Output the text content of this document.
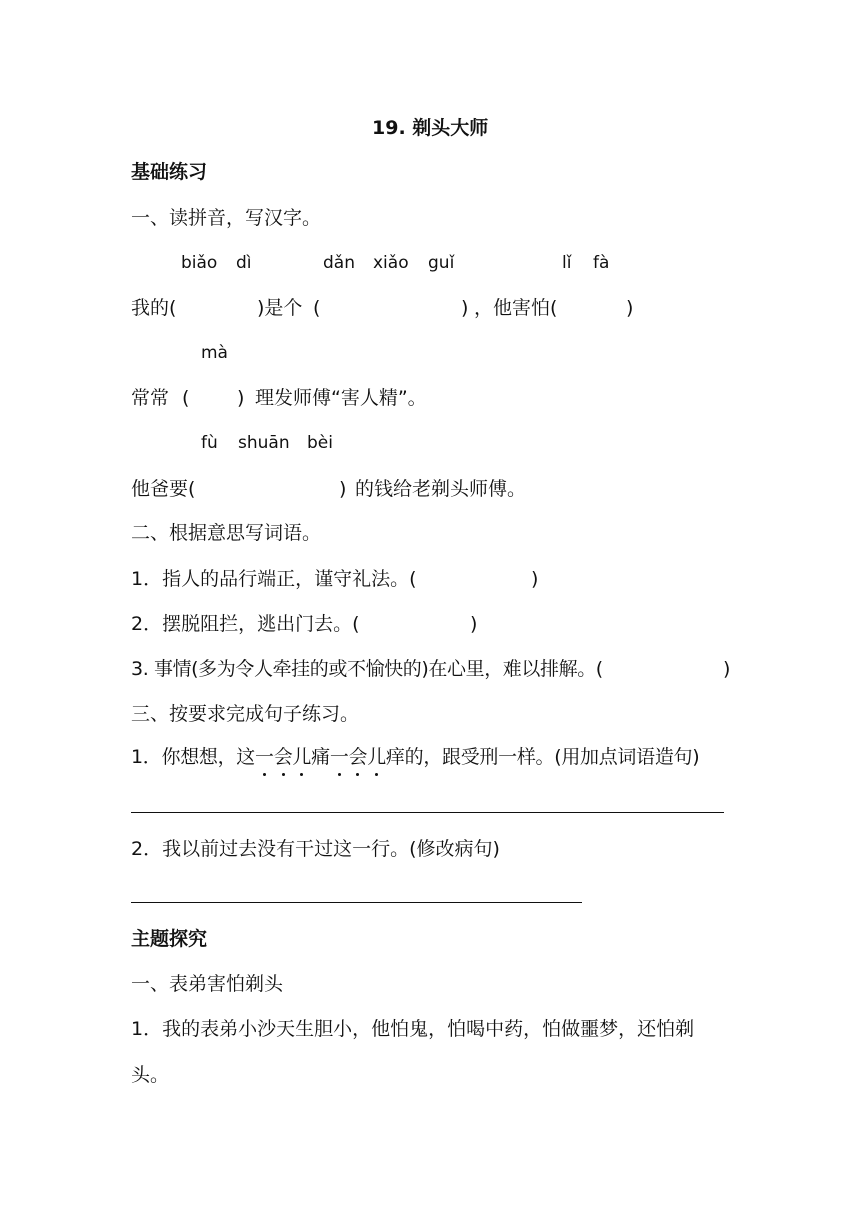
19. 剃头大师
基础练习
一、读拼音，写汉字。
biǎo dì	dǎn xiǎo guǐ	lǐ fà
我的(	)是个 (	) ，他害怕(	)
mà
常常 (	) 理发师傅“害人精”。
fù shuān bèi
他爸要(	) 的钱给老剃头师傅。
二、根据意思写词语。
1．指人的品行端正，谨守礼法。(	)
2．摆脱阻拦，逃出门去。(	)
3. 事情(多为令人牵挂的或不愉快的)在心里，难以排解。(	)
三、按要求完成句子练习。
1．你想想，这一会儿痛一会儿痒的，跟受刑一样。(用加点词语造句)
2．我以前过去没有干过这一行。(修改病句)
主题探究
一、表弟害怕剃头
1．我的表弟小沙天生胆小，他怕鬼，怕喝中药，怕做噩梦，还怕剃
头。
